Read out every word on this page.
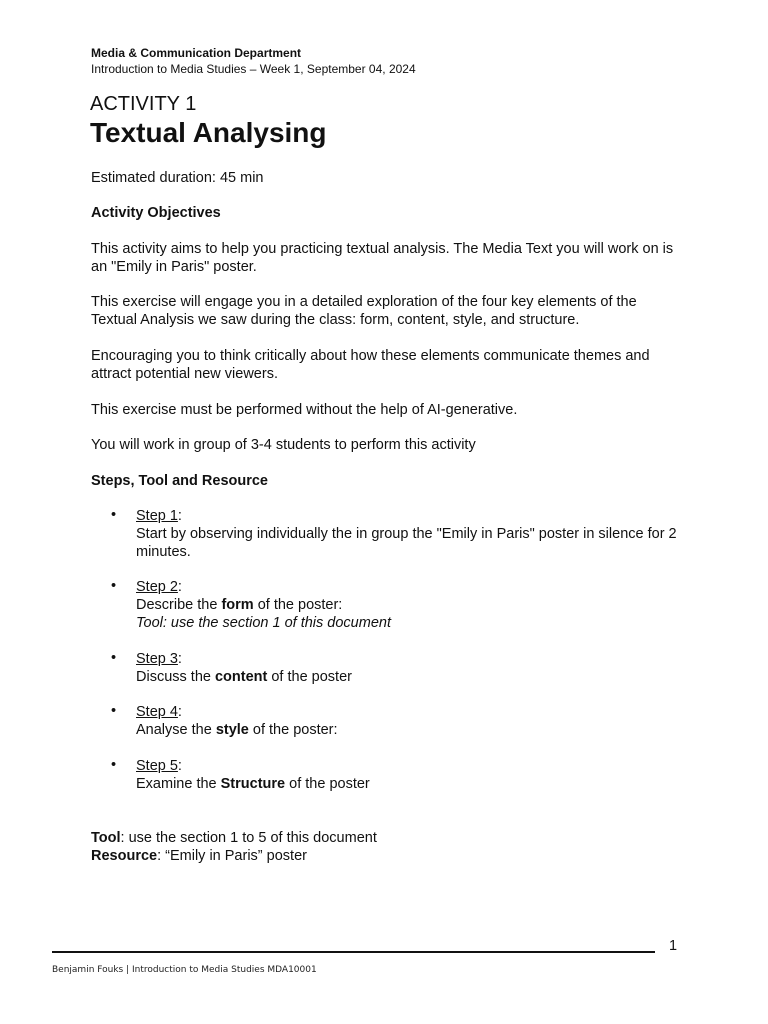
Media & Communication Department

Introduction to Media Studies – Week 1, September 04, 2024

ACTIVITY 1

Textual Analysing

Estimated duration: 45 min

Activity Objectives

This activity aims to help you practicing textual analysis. The Media Text you will work on is an "Emily in Paris" poster.

This exercise will engage you in a detailed exploration of the four key elements of the Textual Analysis we saw during the class: form, content, style, and structure.

Encouraging you to think critically about how these elements communicate themes and attract potential new viewers.

This exercise must be performed without the help of AI-generative.

You will work in group of 3-4 students to perform this activity

Steps, Tool and Resource

• Step 1:
Start by observing individually the in group the "Emily in Paris" poster in silence for 2 minutes.
• Step 2:
Describe the form of the poster:
Tool: use the section 1 of this document
• Step 3:
Discuss the content of the poster
• Step 4:
Analyse the style of the poster:
• Step 5:
Examine the Structure of the poster

Tool: use the section 1 to 5 of this document

Resource: “Emily in Paris” poster

1

Benjamin Fouks | Introduction to Media Studies MDA10001
